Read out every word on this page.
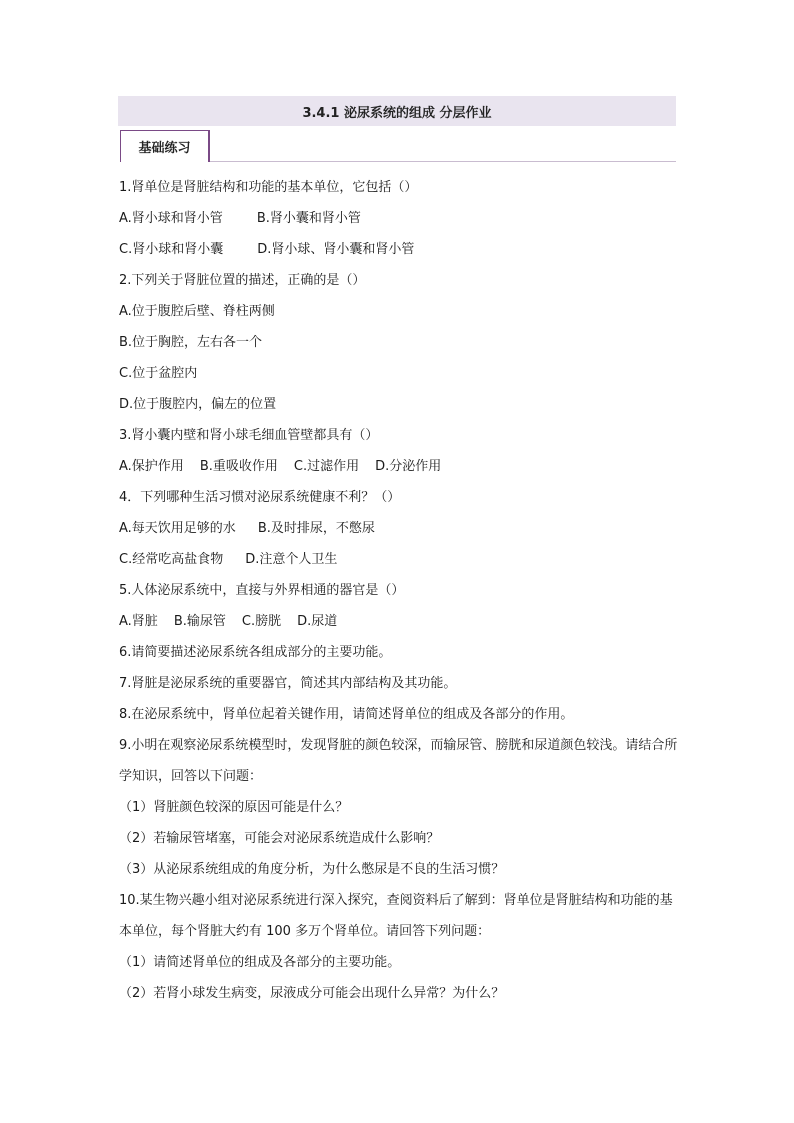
3.4.1 泌尿系统的组成 分层作业
基础练习
1.肾单位是肾脏结构和功能的基本单位，它包括（）
A.肾小球和肾小管	B.肾小囊和肾小管
C.肾小球和肾小囊	D.肾小球、肾小囊和肾小管
2.下列关于肾脏位置的描述，正确的是（）
A.位于腹腔后壁、脊柱两侧
B.位于胸腔，左右各一个
C.位于盆腔内
D.位于腹腔内，偏左的位置
3.肾小囊内壁和肾小球毛细血管壁都具有（）
A.保护作用 B.重吸收作用 C.过滤作用 D.分泌作用
4．下列哪种生活习惯对泌尿系统健康不利？（）
A.每天饮用足够的水 B.及时排尿，不憋尿
C.经常吃高盐食物 D.注意个人卫生
5.人体泌尿系统中，直接与外界相通的器官是（）
A.肾脏 B.输尿管 C.膀胱 D.尿道
6.请简要描述泌尿系统各组成部分的主要功能。
7.肾脏是泌尿系统的重要器官，简述其内部结构及其功能。
8.在泌尿系统中，肾单位起着关键作用，请简述肾单位的组成及各部分的作用。
9.小明在观察泌尿系统模型时，发现肾脏的颜色较深，而输尿管、膀胱和尿道颜色较浅。请结合所学知识，回答以下问题：
（1）肾脏颜色较深的原因可能是什么？
（2）若输尿管堵塞，可能会对泌尿系统造成什么影响？
（3）从泌尿系统组成的角度分析，为什么憋尿是不良的生活习惯？
10.某生物兴趣小组对泌尿系统进行深入探究，查阅资料后了解到：肾单位是肾脏结构和功能的基本单位，每个肾脏大约有 100 多万个肾单位。请回答下列问题：
（1）请简述肾单位的组成及各部分的主要功能。
（2）若肾小球发生病变，尿液成分可能会出现什么异常？为什么？
